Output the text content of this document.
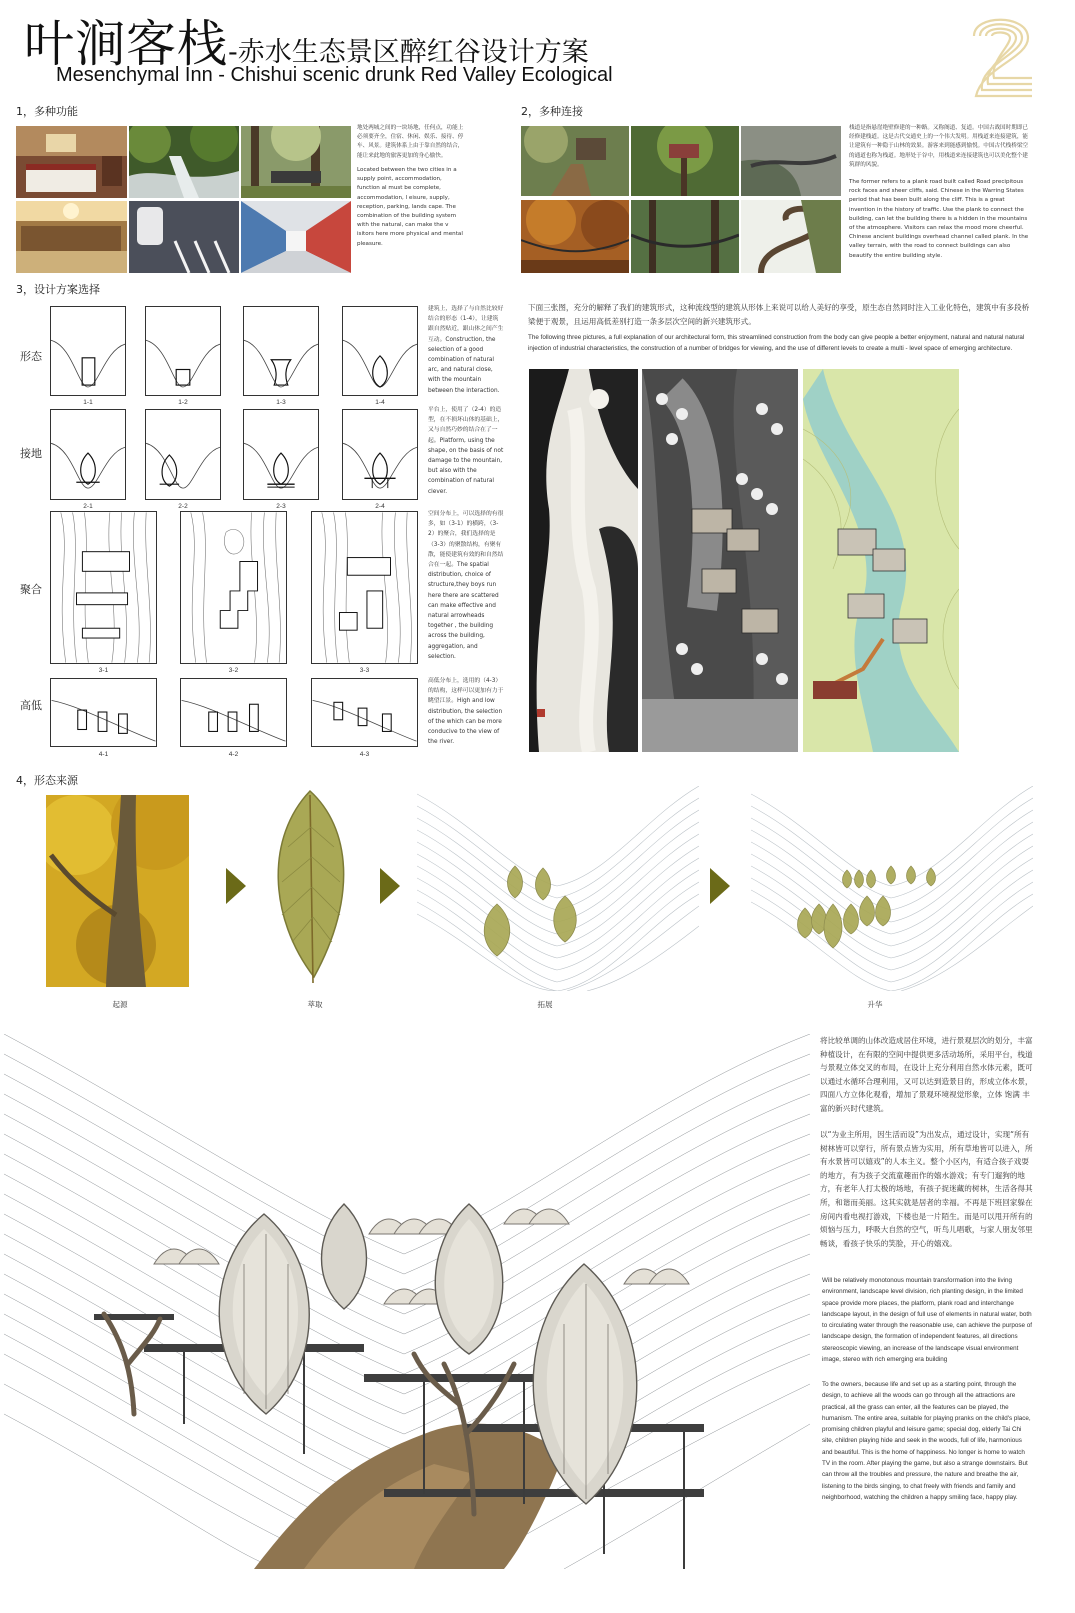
叶涧客栈-赤水生态景区醉红谷设计方案
Mesenchymal Inn - Chishui scenic drunk Red Valley Ecological
1，多种功能
地处两城之间的一块场地，任何点，功能上必须要齐全，住宿、休闲、娱乐、接待、停车、风景。建筑体系上由于靠自然的结合，能让来此地的旅客更加的身心愉快。
Located between the two cities in a supply point, accommodation, function al must be complete, accommodation, l eisure, supply, reception, parking, lands cape. The combination of the building system with the natural, can make the v isitors here more physical and mental pleasure.
2，多种连接
栈道是指悬崖绝壁修建的一种路。又称阁道、复道。中国古战国时期即已经修建栈道。这是古代交通史上的一个伟大发明。用栈道来连接建筑，能让建筑有一种隐于山林的效果。游客来到能感到愉悦。中国古代栈桥梁空的通道也称为栈道。地形处于谷中，用栈道来连接建筑也可以美化整个建筑群的风貌。
The former refers to a plank road built called Road precipitous rock faces and sheer cliffs, said. Chinese in the Warring States period that has been built along the cliff. This is a great invention in the history of traffic. Use the plank to connect the building, can let the building there is a hidden in the mountains of the atmosphere. Visitors can relax the mood more cheerful. Chinese ancient buildings overhead channel called plank. In the valley terrain, with the road to connect buildings can also beautify the entire building style.
3，设计方案选择
形态
接地
聚合
高低
1-1	1-2	1-3	1-4
建筑上，选择了与自然比较好结合的形态（1-4），让建筑跟自然贴近，跟山体之间产生互动。Construction, the selection of a good combination of natural arc, and natural close, with the mountain between the interaction.
2-1	2-2	2-3	2-4
平台上，使用了（2-4）的造型，在不损坏山体的基础上，又与自然巧妙的结合在了一起。Platform, using the shape, on the basis of not damage to the mountain, but also with the combination of natural clever.
3-1	3-2	3-3
空间分布上，可以选择的有很多，如（3-1）的横跨，（3-2）的聚合，我们选择的是（3-3）的聚散结构，有聚有散，能使建筑有效的和自然结合在一起。The spatial distribution, choice of structure,they boys run here there are scattered can make effective and natural arrowheads together , the building across the building, aggregation, and selection.
4-1	4-2	4-3
高低分布上，选用的（4-3）的结构，这样可以更加有力于眺望江景。High and low distribution, the selection of the which can be more conducive to the view of the river.
下面三张图，充分的解释了我们的建筑形式，这种流线型的建筑从形体上来说可以给人美好的享受，原生态自然同时注入工业化特色，建筑中有多段桥梁便于观景，且运用高低差别打造一条多层次空间的新兴建筑形式。
The following three pictures, a full explanation of our architectural form, this streamlined construction from the body can give people a better enjoyment, natural and natural natural injection of industrial characteristics, the construction of a number of bridges for viewing, and the use of different levels to create a multi - level space of emerging architecture.
4，形态来源
起源	萃取	拓展	升华
将比较单调的山体改造成居住环境，进行景观层次的划分，丰富种植设计，在有限的空间中提供更多活动场所，采用平台，栈道与景观立体交叉的布局，在设计上充分利用自然水体元素，既可以通过水循环合理利用，又可以达到造景目的，形成立体水景，四面八方立体化观看，增加了景观环境视觉形象，立体 饱满 丰富的新兴时代建筑。
以“为业主所用，因生活而设”为出发点，通过设计，实现“所有树林皆可以穿行，所有景点皆为实用，所有草地皆可以进入，所有水景皆可以嬉戏”的人本主义。整个小区内，有适合孩子戏耍的地方，有为孩子交流童趣而作的嬉水游戏；有专门遛狗的地方，有老年人打太极的场地，有孩子捉迷藏的树林，生活各得其所，和谐而美丽。这其实就是居者的幸福。不再是下班回家躲在房间内看电视打游戏，下楼也是一片陌生。而是可以甩开所有的烦恼与压力，呼吸大自然的空气，听鸟儿唱歌，与家人朋友邻里畅谈，看孩子快乐的笑脸，开心的嬉戏。
Will be relatively monotonous mountain transformation into the living environment, landscape level division, rich planting design, in the limited space provide more places, the platform, plank road and interchange landscape layout, in the design of full use of elements in natural water, both to circulating water through the reasonable use, can achieve the purpose of landscape design, the formation of independent features, all directions stereoscopic viewing, an increase of the landscape visual environment image, stereo with rich emerging era building
To the owners, because life and set up as a starting point, through the design, to achieve all the woods can go through all the attractions are practical, all the grass can enter, all the features can be played, the humanism. The entire area, suitable for playing pranks on the child's place, promising children playful and leisure game; special dog, elderly Tai Chi site, children playing hide and seek in the woods, full of life, harmonious and beautiful. This is the home of happiness. No longer is home to watch TV in the room. After playing the game, but also a strange downstairs. But can throw all the troubles and pressure, the nature and breathe the air, listening to the birds singing, to chat freely with friends and family and neighborhood, watching the children a happy smiling face, happy play.
